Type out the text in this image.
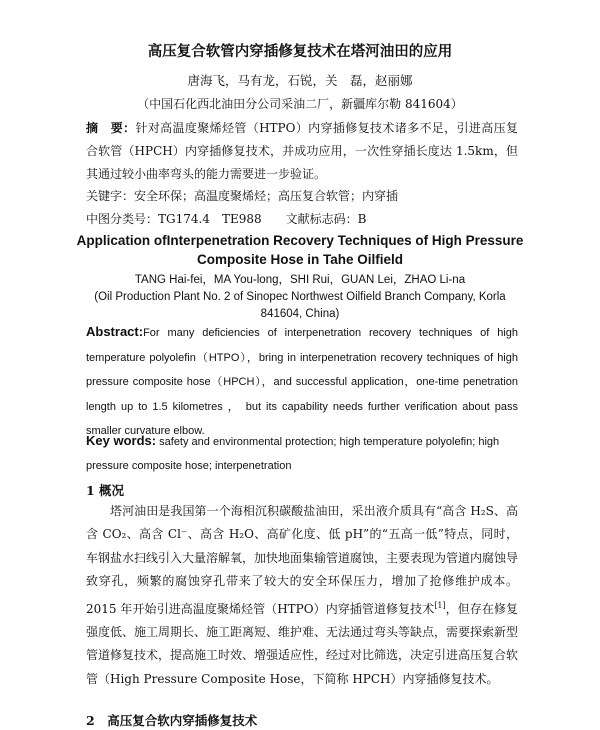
高压复合软管内穿插修复技术在塔河油田的应用
唐海飞，马有龙，石锐，关　磊，赵丽娜
（中国石化西北油田分公司采油二厂，新疆库尔勒 841604）
摘　要：针对高温度聚烯烃管（HTPO）内穿插修复技术诸多不足，引进高压复合软管（HPCH）内穿插修复技术，并成功应用，一次性穿插长度达 1.5km，但其通过较小曲率弯头的能力需要进一步验证。
关键字：安全环保；高温度聚烯烃；高压复合软管；内穿插
中图分类号：TG174.4　TE988　　文献标志码：B
Application ofInterpenetration Recovery Techniques of High Pressure
Composite Hose in Tahe Oilfield
TANG Hai-fei，MA You-long，SHI Rui，GUAN Lei，ZHAO Li-na
(Oil Production Plant No. 2 of Sinopec Northwest Oilfield Branch Company, Korla 841604, China)
Abstract:For many deficiencies of interpenetration recovery techniques of high temperature polyolefin（HTPO），bring in interpenetration recovery techniques of high pressure composite hose（HPCH），and successful application，one-time penetration length up to 1.5 kilometres ， but its capability needs further verification about pass smaller curvature elbow.
Key words: safety and environmental protection; high temperature polyolefin; high pressure composite hose; interpenetration
1 概况
塔河油田是我国第一个海相沉积碳酸盐油田，采出液介质具有“高含 H₂S、高含 CO₂、高含 Cl⁻、高含 H₂O、高矿化度、低 pH”的“五高一低”特点，同时，车钢盐水扫线引入大量溶解氧，加快地面集输管道腐蚀，主要表现为管道内腐蚀导致穿孔，频繁的腐蚀穿孔带来了较大的安全环保压力，增加了抢修维护成本。2015 年开始引进高温度聚烯烃管（HTPO）内穿插管道修复技术[1]，但存在修复强度低、施工周期长、施工距离短、维护难、无法通过弯头等缺点，需要探索新型管道修复技术，提高施工时效、增强适应性，经过对比筛选，决定引进高压复合软管（High Pressure Composite Hose，下简称 HPCH）内穿插修复技术。
2　高压复合软内穿插修复技术
